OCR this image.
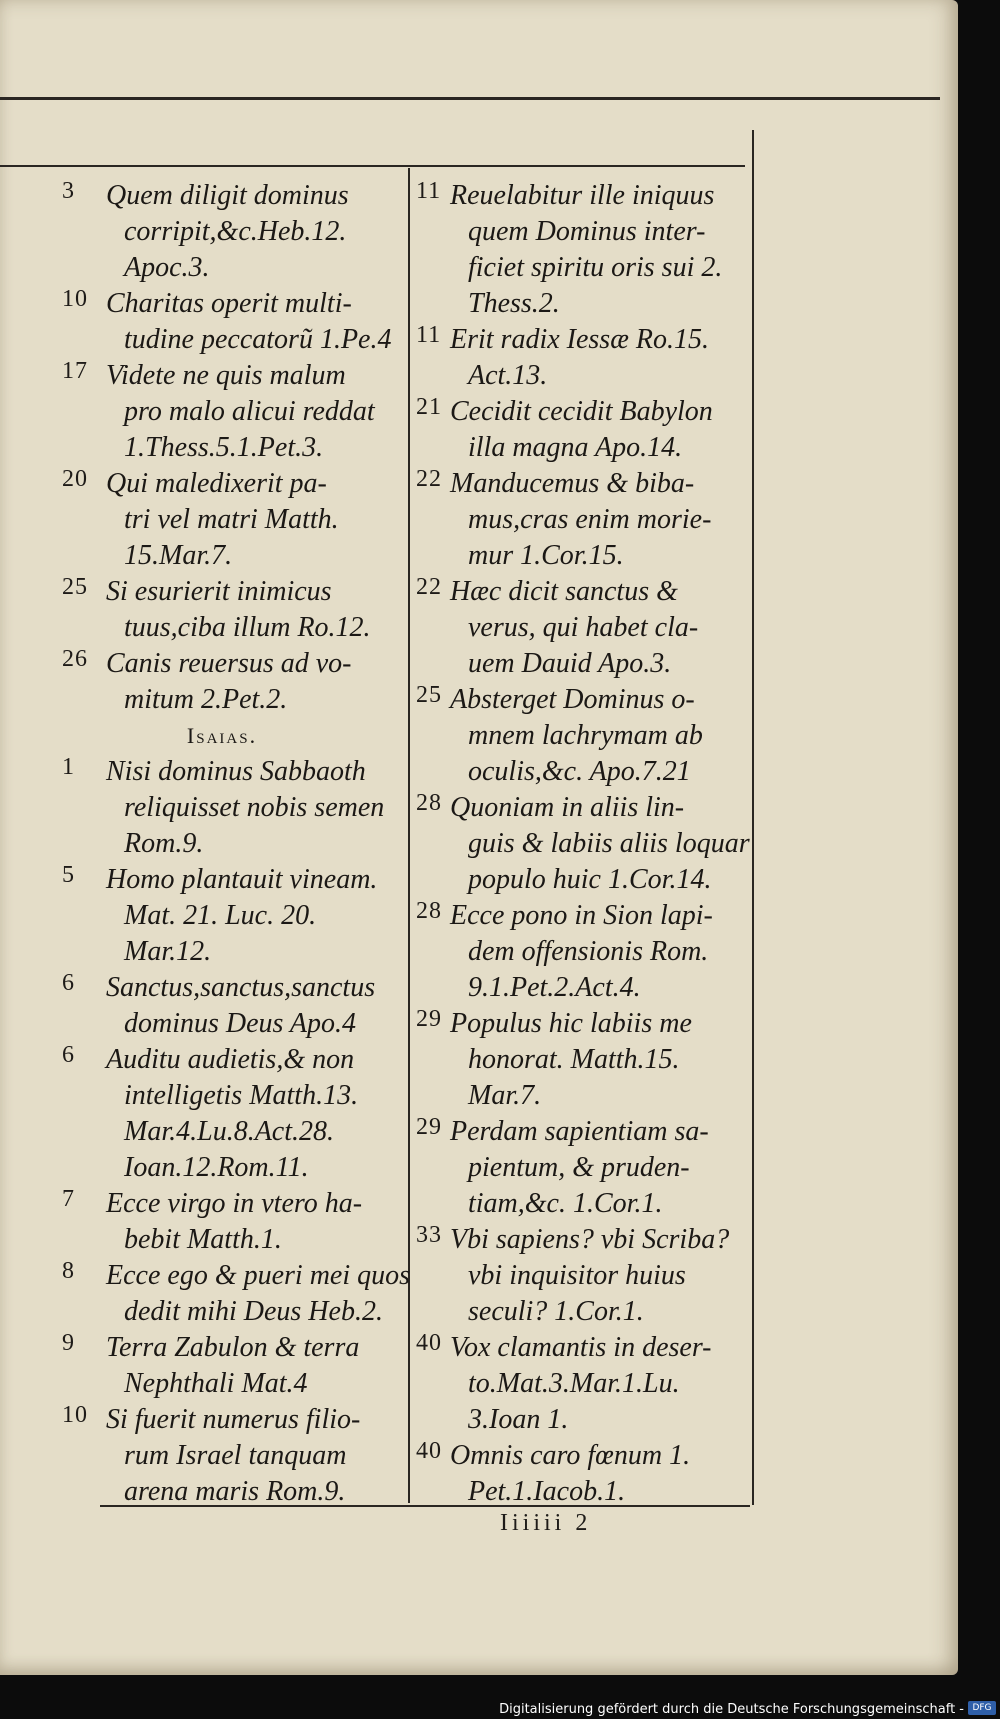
3	Quem diligit dominus
corripit,&c.Heb.12.
Apoc.3.
10 Charitas operit multi-
tudine peccatorũ 1.Pe.4
17 Videte ne quis malum
pro malo alicui reddat
1.Thess.5.1.Pet.3.
20 Qui maledixerit pa-
tri vel matri Matth.
15.Mar.7.
25 Si esurierit inimicus
tuus,ciba illum Ro.12.
26 Canis reuersus ad vo-
mitum 2.Pet.2.
Isaias.
1	Nisi dominus Sabbaoth
reliquisset nobis semen
Rom.9.
5	Homo plantauit vineam.
Mat. 21. Luc. 20.
Mar.12.
6	Sanctus,sanctus,sanctus
dominus Deus Apo.4
6	Auditu audietis,& non
intelligetis Matth.13.
Mar.4.Lu.8.Act.28.
Ioan.12.Rom.11.
7	Ecce virgo in vtero ha-
bebit Matth.1.
8	Ecce ego & pueri mei quos
dedit mihi Deus Heb.2.
9	Terra Zabulon & terra
Nephthali Mat.4
10 Si fuerit numerus filio-
rum Israel tanquam
arena maris Rom.9.
11 Reuelabitur ille iniquus
quem Dominus inter-
ficiet spiritu oris sui 2.
Thess.2.
11 Erit radix Iessæ Ro.15.
Act.13.
21 Cecidit cecidit Babylon
illa magna Apo.14.
22 Manducemus & biba-
mus,cras enim morie-
mur 1.Cor.15.
22 Hæc dicit sanctus &
verus, qui habet cla-
uem Dauid Apo.3.
25 Absterget Dominus o-
mnem lachrymam ab
oculis,&c. Apo.7.21
28 Quoniam in aliis lin-
guis & labiis aliis loquar
populo huic 1.Cor.14.
28 Ecce pono in Sion lapi-
dem offensionis Rom.
9.1.Pet.2.Act.4.
29 Populus hic labiis me
honorat. Matth.15.
Mar.7.
29 Perdam sapientiam sa-
pientum, & pruden-
tiam,&c. 1.Cor.1.
33 Vbi sapiens? vbi Scriba?
vbi inquisitor huius
seculi? 1.Cor.1.
40 Vox clamantis in deser-
to.Mat.3.Mar.1.Lu.
3.Ioan 1.
40 Omnis caro fœnum 1.
Pet.1.Iacob.1.
Iiiiii 2
Digitalisierung gefördert durch die Deutsche Forschungsgemeinschaft - DFG
